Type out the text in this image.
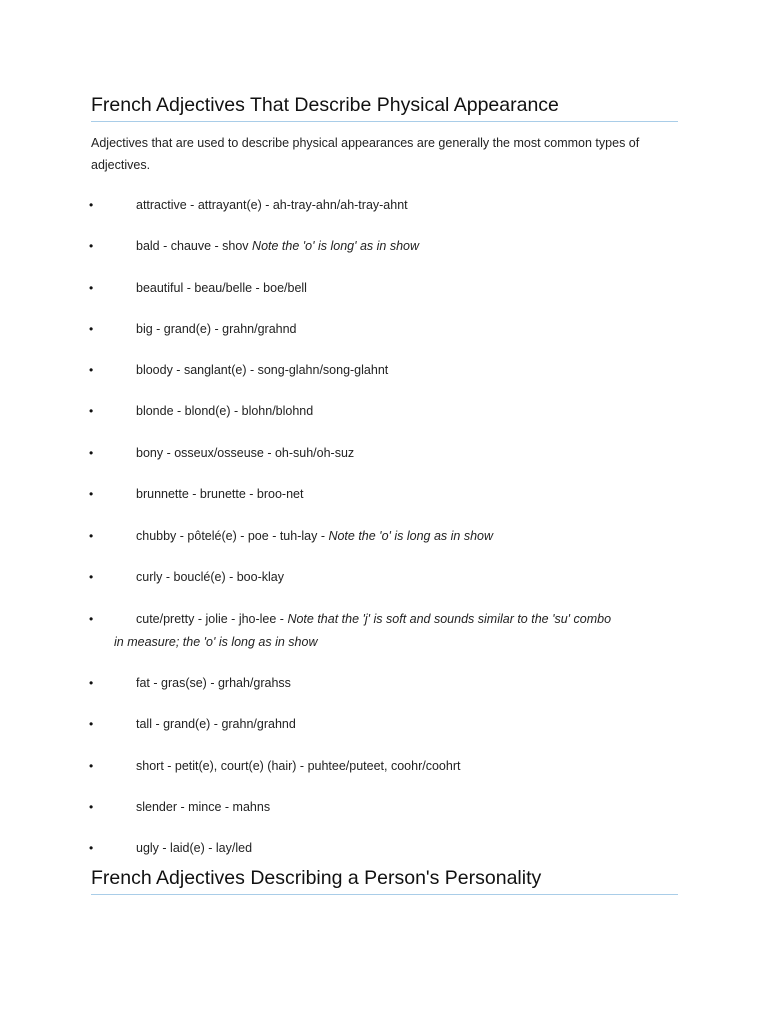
French Adjectives That Describe Physical Appearance

Adjectives that are used to describe physical appearances are generally the most common types of adjectives.

•	attractive - attrayant(e) - ah-tray-ahn/ah-tray-ahnt
•	bald - chauve - shov Note the 'o' is long' as in show
•	beautiful - beau/belle - boe/bell
•	big - grand(e) - grahn/grahnd
•	bloody - sanglant(e) - song-glahn/song-glahnt
•	blonde - blond(e) - blohn/blohnd
•	bony - osseux/osseuse - oh-suh/oh-suz
•	brunnette - brunette - broo-net
•	chubby - pôtelé(e) - poe - tuh-lay - Note the 'o' is long as in show
•	curly - bouclé(e) - boo-klay
•	cute/pretty - jolie - jho-lee - Note that the 'j' is soft and sounds similar to the 'su' combo
in measure; the 'o' is long as in show
•	fat - gras(se) - grhah/grahss
•	tall - grand(e) - grahn/grahnd
•	short - petit(e), court(e) (hair) - puhtee/puteet, coohr/coohrt
•	slender - mince - mahns
•	ugly - laid(e) - lay/led
French Adjectives Describing a Person's Personality
